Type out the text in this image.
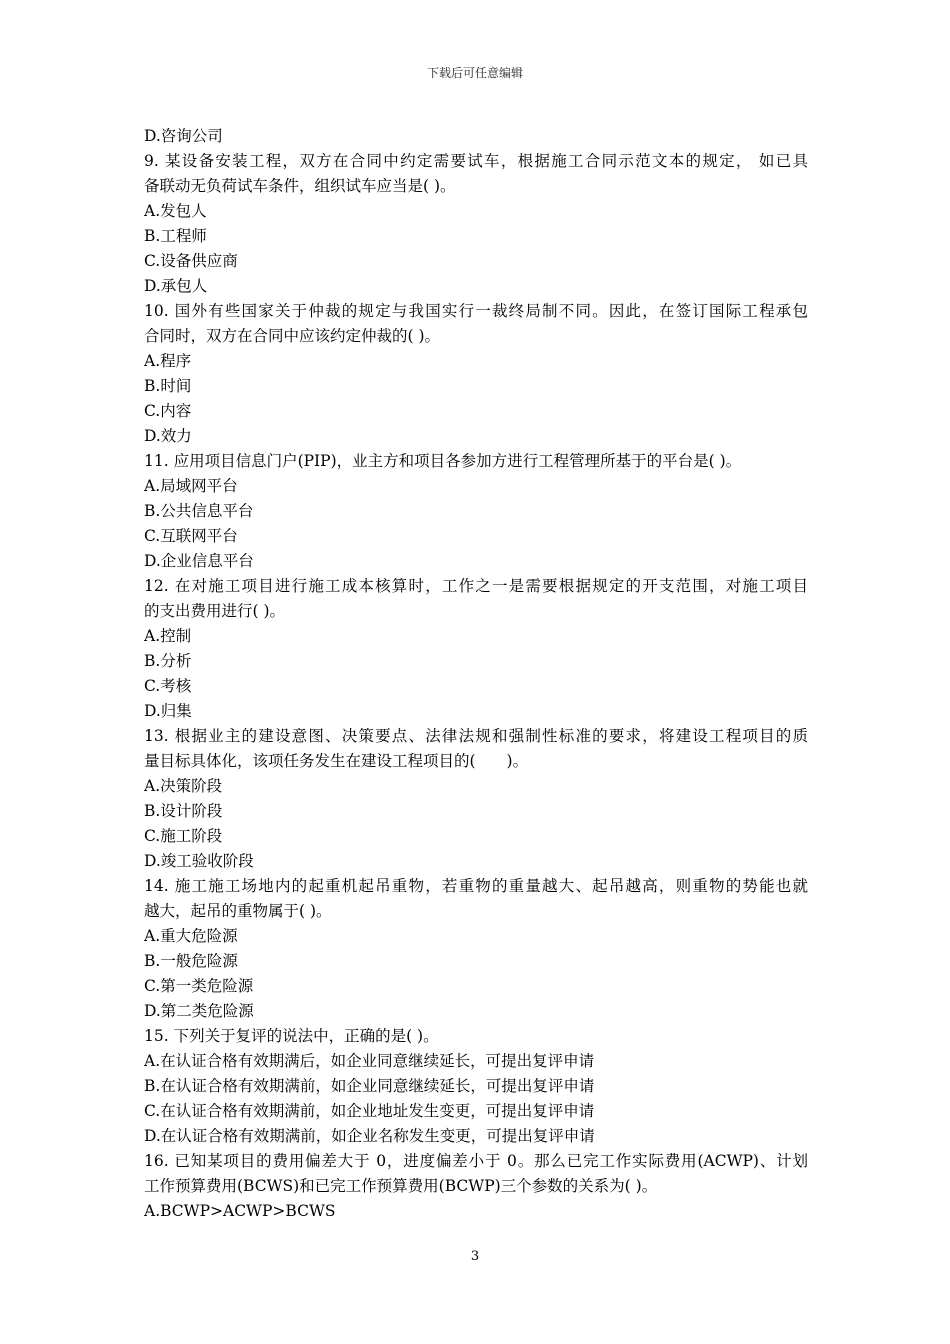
下载后可任意编辑
D.咨询公司
9. 某设备安装工程，双方在合同中约定需要试车，根据施工合同示范文本的规定， 如已具
备联动无负荷试车条件，组织试车应当是( )。
A.发包人
B.工程师
C.设备供应商
D.承包人
10. 国外有些国家关于仲裁的规定与我国实行一裁终局制不同。因此，在签订国际工程承包
合同时，双方在合同中应该约定仲裁的( )。
A.程序
B.时间
C.内容
D.效力
11. 应用项目信息门户(PIP)，业主方和项目各参加方进行工程管理所基于的平台是( )。
A.局域网平台
B.公共信息平台
C.互联网平台
D.企业信息平台
12. 在对施工项目进行施工成本核算时，工作之一是需要根据规定的开支范围，对施工项目
的支出费用进行( )。
A.控制
B.分析
C.考核
D.归集
13. 根据业主的建设意图、决策要点、法律法规和强制性标准的要求，将建设工程项目的质
量目标具体化，该项任务发生在建设工程项目的(　　)。
A.决策阶段
B.设计阶段
C.施工阶段
D.竣工验收阶段
14. 施工施工场地内的起重机起吊重物，若重物的重量越大、起吊越高，则重物的势能也就
越大，起吊的重物属于( )。
A.重大危险源
B.一般危险源
C.第一类危险源
D.第二类危险源
15. 下列关于复评的说法中，正确的是( )。
A.在认证合格有效期满后，如企业同意继续延长，可提出复评申请
B.在认证合格有效期满前，如企业同意继续延长，可提出复评申请
C.在认证合格有效期满前，如企业地址发生变更，可提出复评申请
D.在认证合格有效期满前，如企业名称发生变更，可提出复评申请
16. 已知某项目的费用偏差大于 0，进度偏差小于 0。那么已完工作实际费用(ACWP)、计划
工作预算费用(BCWS)和已完工作预算费用(BCWP)三个参数的关系为( )。
A.BCWP>ACWP>BCWS
3
